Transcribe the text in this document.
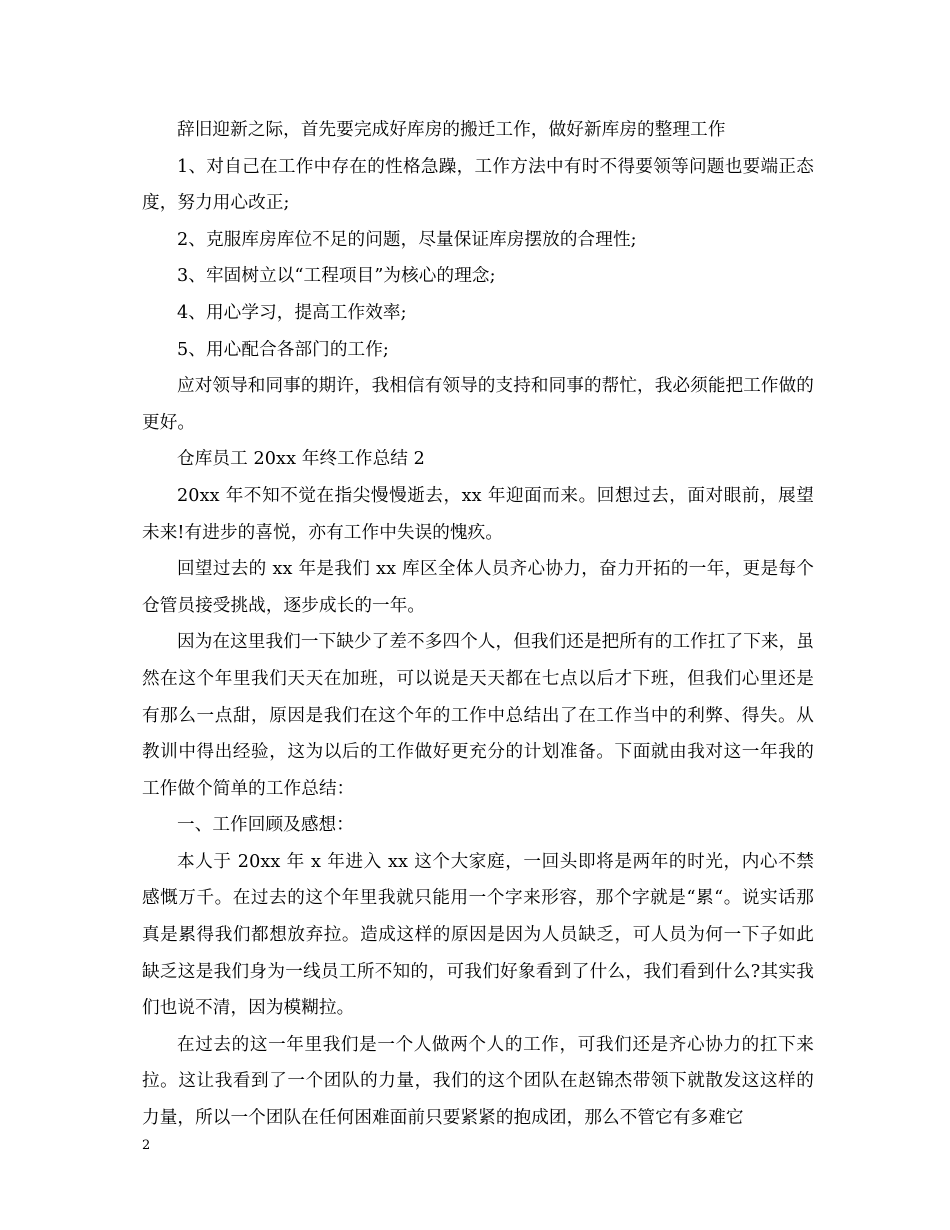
辞旧迎新之际，首先要完成好库房的搬迁工作，做好新库房的整理工作

1、对自己在工作中存在的性格急躁，工作方法中有时不得要领等问题也要端正态度，努力用心改正;

2、克服库房库位不足的问题，尽量保证库房摆放的合理性;

3、牢固树立以“工程项目”为核心的理念;

4、用心学习，提高工作效率;

5、用心配合各部门的工作;

应对领导和同事的期许，我相信有领导的支持和同事的帮忙，我必须能把工作做的更好。

仓库员工 20xx 年终工作总结 2

20xx 年不知不觉在指尖慢慢逝去，xx 年迎面而来。回想过去，面对眼前，展望未来!有进步的喜悦，亦有工作中失误的愧疚。

回望过去的 xx 年是我们 xx 库区全体人员齐心协力，奋力开拓的一年，更是每个仓管员接受挑战，逐步成长的一年。

因为在这里我们一下缺少了差不多四个人，但我们还是把所有的工作扛了下来，虽然在这个年里我们天天在加班，可以说是天天都在七点以后才下班，但我们心里还是有那么一点甜，原因是我们在这个年的工作中总结出了在工作当中的利弊、得失。从教训中得出经验，这为以后的工作做好更充分的计划准备。下面就由我对这一年我的工作做个简单的工作总结：

一、工作回顾及感想：

本人于 20xx 年 x 年进入 xx 这个大家庭，一回头即将是两年的时光，内心不禁感慨万千。在过去的这个年里我就只能用一个字来形容，那个字就是“累“。说实话那真是累得我们都想放弃拉。造成这样的原因是因为人员缺乏，可人员为何一下子如此缺乏这是我们身为一线员工所不知的，可我们好象看到了什么，我们看到什么?其实我们也说不清，因为模糊拉。

在过去的这一年里我们是一个人做两个人的工作，可我们还是齐心协力的扛下来拉。这让我看到了一个团队的力量，我们的这个团队在赵锦杰带领下就散发这这样的力量，所以一个团队在任何困难面前只要紧紧的抱成团，那么不管它有多难它

2
